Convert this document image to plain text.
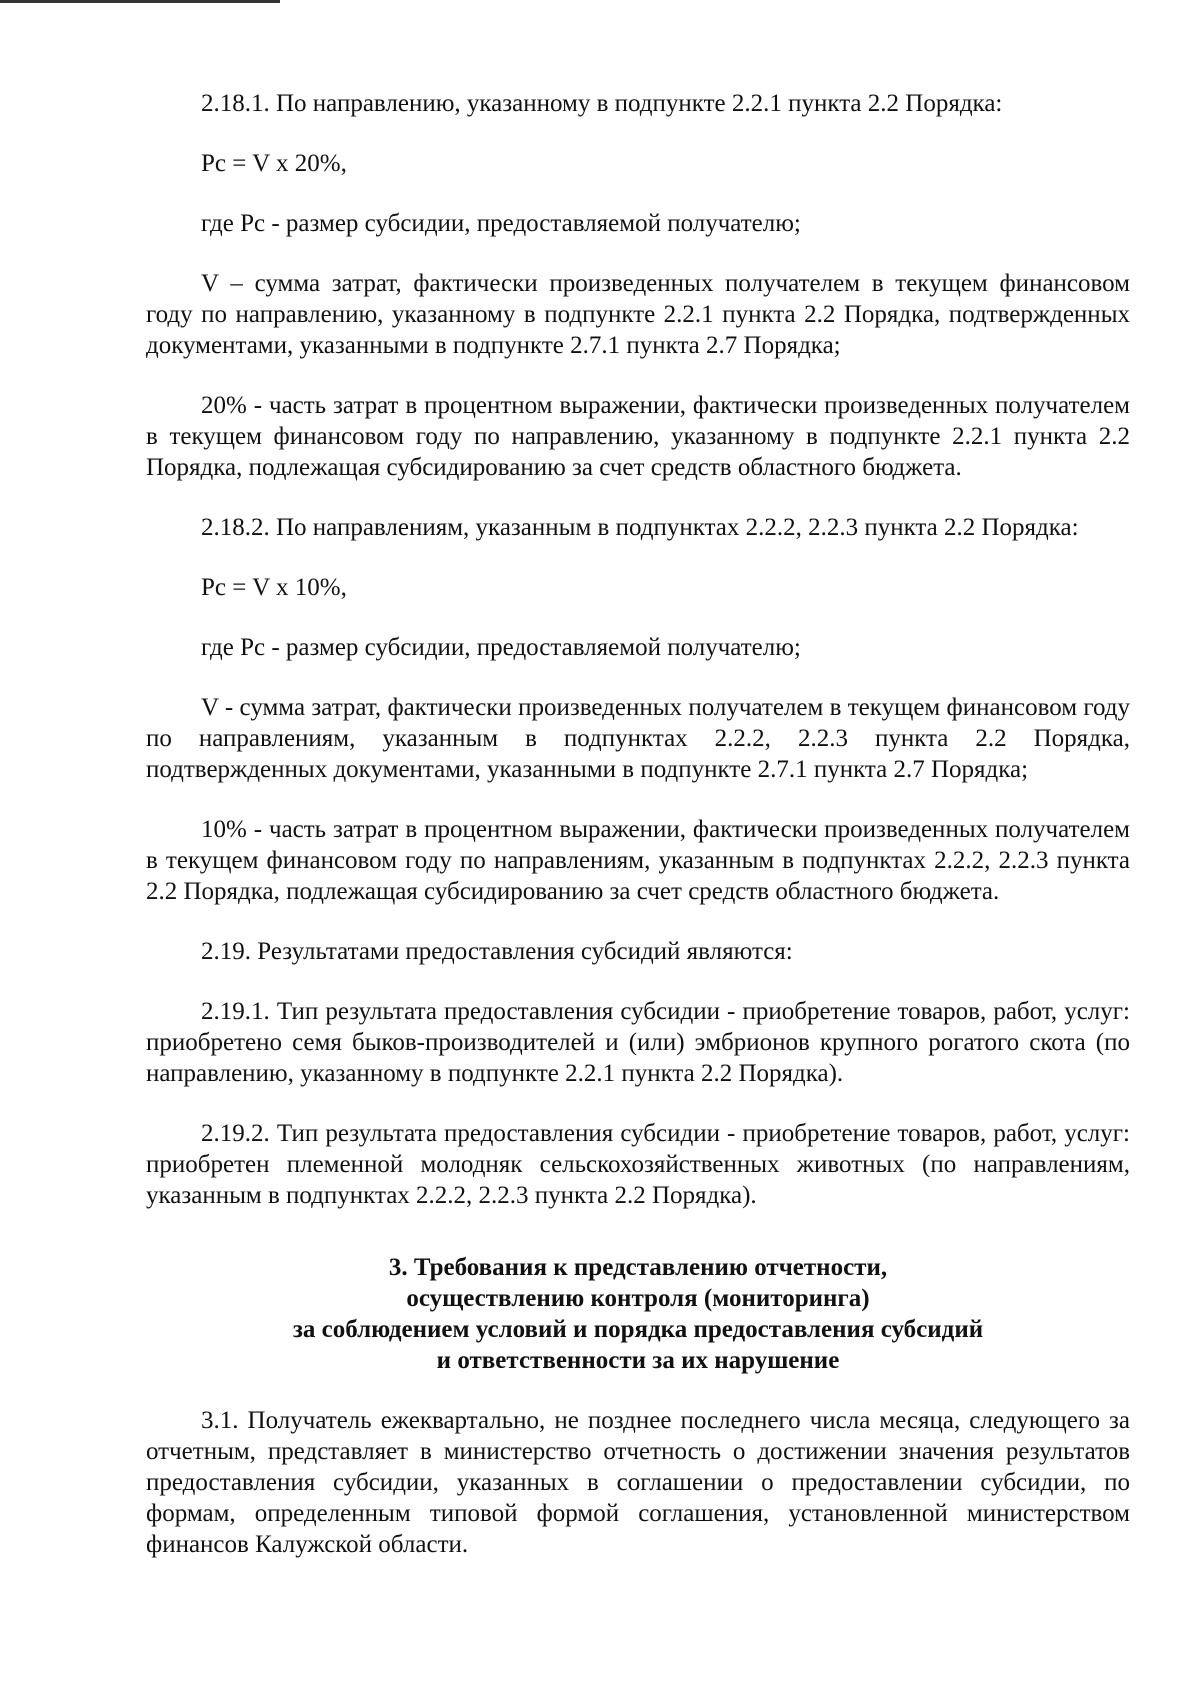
2.18.1. По направлению, указанному в подпункте 2.2.1 пункта 2.2 Порядка:

Pc = V x 20%,

где Рс - размер субсидии, предоставляемой получателю;

V – сумма затрат, фактически произведенных получателем в текущем финансовом году по направлению, указанному в подпункте 2.2.1 пункта 2.2 Порядка, подтвержденных документами, указанными в подпункте 2.7.1 пункта 2.7 Порядка;

20% - часть затрат в процентном выражении, фактически произведенных получателем в текущем финансовом году по направлению, указанному в подпункте 2.2.1 пункта 2.2 Порядка, подлежащая субсидированию за счет средств областного бюджета.

2.18.2. По направлениям, указанным в подпунктах 2.2.2, 2.2.3 пункта 2.2 Порядка:

Pc = V x 10%,

где Рс - размер субсидии, предоставляемой получателю;

V - сумма затрат, фактически произведенных получателем в текущем финансовом году по направлениям, указанным в подпунктах 2.2.2, 2.2.3 пункта 2.2 Порядка, подтвержденных документами, указанными в подпункте 2.7.1 пункта 2.7 Порядка;

10% - часть затрат в процентном выражении, фактически произведенных получателем в текущем финансовом году по направлениям, указанным в подпунктах 2.2.2, 2.2.3 пункта 2.2 Порядка, подлежащая субсидированию за счет средств областного бюджета.

2.19. Результатами предоставления субсидий являются:

2.19.1. Тип результата предоставления субсидии - приобретение товаров, работ, услуг: приобретено семя быков-производителей и (или) эмбрионов крупного рогатого скота (по направлению, указанному в подпункте 2.2.1 пункта 2.2 Порядка).

2.19.2. Тип результата предоставления субсидии - приобретение товаров, работ, услуг: приобретен племенной молодняк сельскохозяйственных животных (по направлениям, указанным в подпунктах 2.2.2, 2.2.3 пункта 2.2 Порядка).

3. Требования к представлению отчетности,
осуществлению контроля (мониторинга)
за соблюдением условий и порядка предоставления субсидий
и ответственности за их нарушение

3.1. Получатель ежеквартально, не позднее последнего числа месяца, следующего за отчетным, представляет в министерство отчетность о достижении значения результатов предоставления субсидии, указанных в соглашении о предоставлении субсидии, по формам, определенным типовой формой соглашения, установленной министерством финансов Калужской области.
